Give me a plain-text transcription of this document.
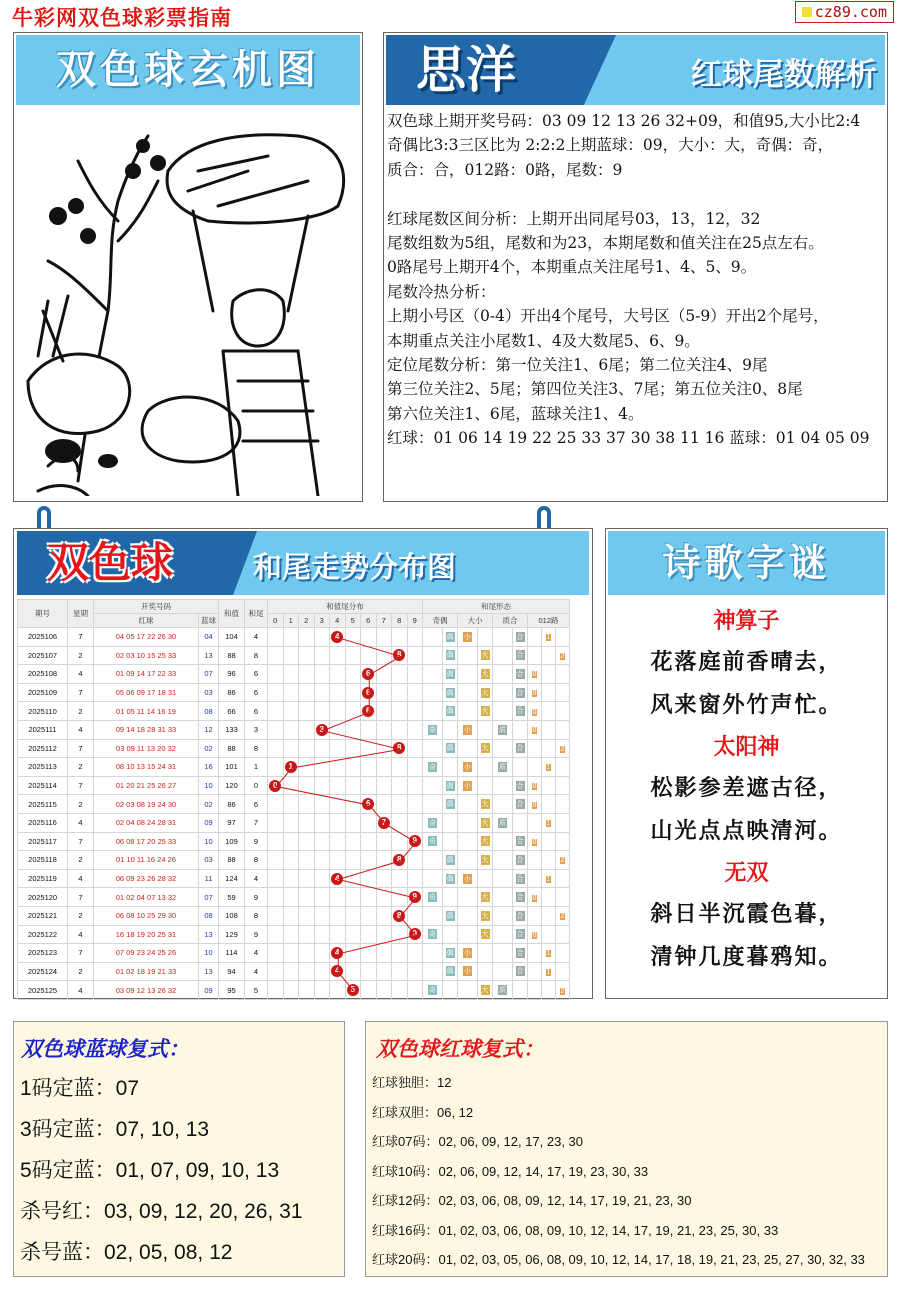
牛彩网双色球彩票指南	cz89.com
双色球玄机图	思洋	红球尾数解析
双色球上期开奖号码：03 09 12 13 26 32+09，和值95,大小比2:4
奇偶比3:3三区比为 2:2:2上期蓝球：09，大小：大，奇偶：奇，
质合：合，012路：0路，尾数：9
红球尾数区间分析：上期开出同尾号03，13，12，32
尾数组数为5组，尾数和为23，本期尾数和值关注在25点左右。
0路尾号上期开4个，本期重点关注尾号1、4、5、9。
尾数冷热分析：
上期小号区（0-4）开出4个尾号，大号区（5-9）开出2个尾号，
本期重点关注小尾数1、4及大数尾5、6、9。
定位尾数分析：第一位关注1、6尾；第二位关注4、9尾
第三位关注2、5尾；第四位关注3、7尾；第五位关注0、8尾
第六位关注1、6尾，蓝球关注1、4。
红球：01 06 14 19 22 25 33 37 30 38 11 16 蓝球：01 04 05 09
双色球	和尾走势分布图
期号	星期	开奖号码		和值	和尾	和值尾分布										和尾形态								
		红球	蓝球			0	1	2	3	4	5	6	7	8	9	奇偶		大小		质合		012路		
2025106	7	04 05 17 22 26 30	04	104	4					4							偶	小			合		1	
2025107	2	02 03 10 15 25 33	13	88	8									8			偶		大		合			2
2025108	4	01 09 14 17 22 33	07	96	6							6					偶		大		合	0		
2025109	7	05 06 09 17 18 31	03	86	6							6					偶		大		合	0		
2025110	2	01 05 11 14 16 19	08	66	6							6					偶		大		合	0		
2025111	4	09 14 18 28 31 33	12	133	3				3							奇		小		质		0		
2025112	7	03 09 11 13 20 32	02	88	8									8			偶		大		合			2
2025113	2	08 10 13 15 24 31	16	101	1		1									奇		小		质			1	
2025114	7	01 20 21 25 26 27	10	120	0	0											偶	小			合	0		
2025115	2	02 03 08 19 24 30	02	86	6							6					偶		大		合	0		
2025116	4	02 04 08 24 28 31	09	97	7								7			奇			大	质			1	
2025117	7	06 08 17 20 25 33	10	109	9										9	奇			大		合	0		
2025118	2	01 10 11 16 24 26	03	88	8									8			偶		大		合			2
2025119	4	06 09 23 26 28 32	11	124	4					4							偶	小			合		1	
2025120	7	01 02 04 07 13 32	07	59	9										9	奇			大		合	0		
2025121	2	06 08 10 25 29 30	08	108	8									8			偶		大		合			2
2025122	4	16 18 19 20 25 31	13	129	9										9	奇			大		合	0		
2025123	7	07 09 23 24 25 26	10	114	4					4							偶	小			合		1	
2025124	2	01 02 18 19 21 33	13	94	4					4							偶	小			合		1	
2025125	4	03 09 12 13 26 32	09	95	5						5					奇			大	质				2
诗歌字谜
神算子
花落庭前香晴去，
风来窗外竹声忙。
太阳神
松影参差遮古径，
山光点点映清河。
无双
斜日半沉霞色暮，
清钟几度暮鸦知。
双色球蓝球复式：
1码定蓝：07
3码定蓝：07, 10, 13
5码定蓝：01, 07, 09, 10, 13
杀号红：03, 09, 12, 20, 26, 31
杀号蓝：02, 05, 08, 12
双色球红球复式：
红球独胆：12
红球双胆：06, 12
红球07码：02, 06, 09, 12, 17, 23, 30
红球10码：02, 06, 09, 12, 14, 17, 19, 23, 30, 33
红球12码：02, 03, 06, 08, 09, 12, 14, 17, 19, 21, 23, 30
红球16码：01, 02, 03, 06, 08, 09, 10, 12, 14, 17, 19, 21, 23, 25, 30, 33
红球20码：01, 02, 03, 05, 06, 08, 09, 10, 12, 14, 17, 18, 19, 21, 23, 25, 27, 30, 32, 33
